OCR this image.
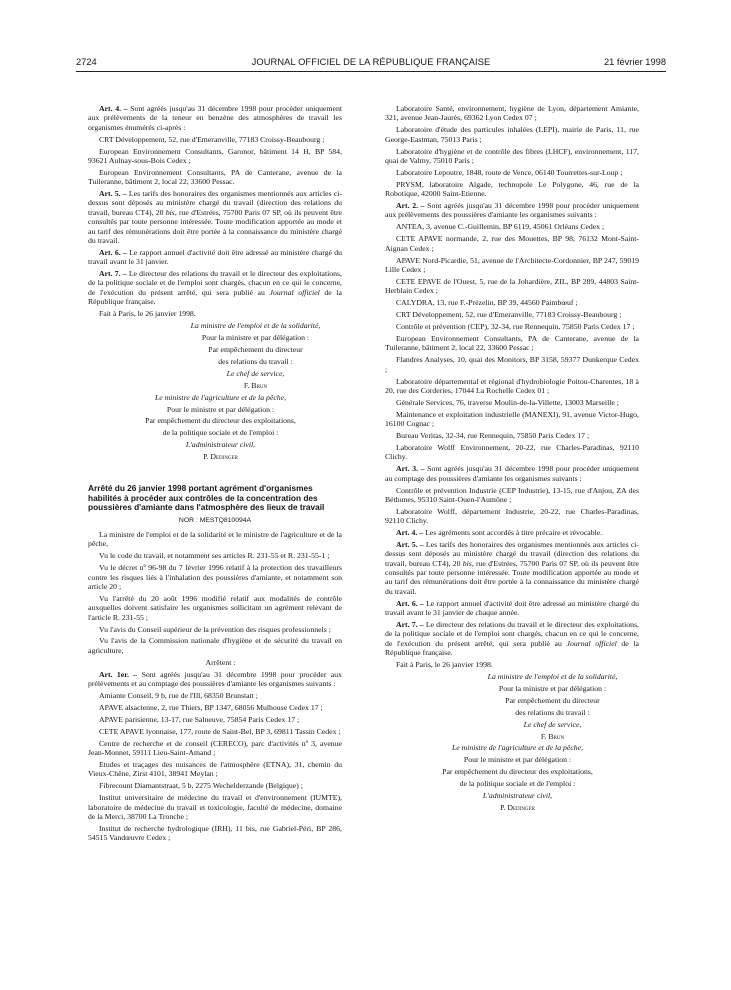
2724	JOURNAL OFFICIEL DE LA RÉPUBLIQUE FRANÇAISE	21 février 1998

Art. 4. – Sont agréés jusqu'au 31 décembre 1998 pour procéder uniquement aux prélèvements de la teneur en benzène des atmosphères de travail les organismes énumérés ci-après :

CRT Développement, 52, rue d'Emeranville, 77183 Croissy-Beaubourg ;

European Environnement Consultants, Garonor, bâtiment 14 H, BP 584, 93621 Aulnay-sous-Bois Cedex ;

European Environnement Consultants, PA de Canterane, avenue de la Tuileranne, bâtiment 2, local 22, 33600 Pessac.

Art. 5. – Les tarifs des honoraires des organismes mentionnés aux articles ci-dessus sont déposés au ministère chargé du travail (direction des relations du travail, bureau CT4), 20 bis, rue d'Estrées, 75700 Paris 07 SP, où ils peuvent être consultés par toute personne intéressée. Toute modification apportée au mode et au tarif des rémunérations doit être portée à la connaissance du ministère chargé du travail.

Art. 6. – Le rapport annuel d'activité doit être adressé au ministère chargé du travail avant le 31 janvier.

Art. 7. – Le directeur des relations du travail et le directeur des exploitations, de la politique sociale et de l'emploi sont chargés, chacun en ce qui le concerne, de l'exécution du présent arrêté, qui sera publié au Journal officiel de la République française.

Fait à Paris, le 26 janvier 1998.

La ministre de l'emploi et de la solidarité,

Pour la ministre et par délégation :

Par empêchement du directeur

des relations du travail :

Le chef de service,

F. Brun

Le ministre de l'agriculture et de la pêche,

Pour le ministre et par délégation :

Par empêchement du directeur des exploitations,

de la politique sociale et de l'emploi :

L'administrateur civil,

P. Dedinger

Arrêté du 26 janvier 1998 portant agrément d'organismes habilités à procéder aux contrôles de la concentration des poussières d'amiante dans l'atmosphère des lieux de travail
NOR : MESTQ810094A

La ministre de l'emploi et de la solidarité et le ministre de l'agriculture et de la pêche,

Vu le code du travail, et notamment ses articles R. 231-55 et R. 231-55-1 ;

Vu le décret nº 96-98 du 7 février 1996 relatif à la protection des travailleurs contre les risques liés à l'inhalation des poussières d'amiante, et notamment son article 20 ;

Vu l'arrêté du 20 août 1996 modifié relatif aux modalités de contrôle auxquelles doivent satisfaire les organismes sollicitant un agrément relevant de l'article R. 231-55 ;

Vu l'avis du Conseil supérieur de la prévention des risques professionnels ;

Vu l'avis de la Commission nationale d'hygiène et de sécurité du travail en agriculture,

Arrêtent :

Art. 1er. – Sont agréés jusqu'au 31 décembre 1998 pour procéder aux prélèvements et au comptage des poussières d'amiante les organismes suivants :

Amiante Conseil, 9 b, rue de l'Ill, 68350 Brunstatt ;

APAVE alsacienne, 2, rue Thiers, BP 1347, 68056 Mulhouse Cedex 17 ;

APAVE parisienne, 13-17, rue Salneuve, 75854 Paris Cedex 17 ;

CETE APAVE lyonnaise, 177, route de Saint-Bel, BP 3, 69811 Tassin Cedex ;

Centre de recherche et de conseil (CERECO), parc d'activités nº 3, avenue Jean-Monnet, 59111 Lieu-Saint-Amand ;

Etudes et traçages des nuisances de l'atmosphère (ETNA), 31, chemin du Vieux-Chêne, Zirst 4101, 38941 Meylan ;

Fibrecount Diamantstraat, 5 b, 2275 Wechelderzande (Belgique) ;

Institut universitaire de médecine du travail et d'environnement (IUMTE), laboratoire de médecine du travail et toxicologie, faculté de médecine, domaine de la Merci, 38700 La Tronche ;

Institut de recherche hydrologique (IRH), 11 bis, rue Gabriel-Péri, BP 286, 54515 Vandœuvre Cedex ;

Laboratoire Santé, environnement, hygiène de Lyon, département Amiante, 321, avenue Jean-Jaurès, 69362 Lyon Cedex 07 ;

Laboratoire d'étude des particules inhalées (LEPI), mairie de Paris, 11, rue George-Eastman, 75013 Paris ;

Laboratoire d'hygiène et de contrôle des fibres (LHCF), environnement, 117, quai de Valmy, 75010 Paris ;

Laboratoire Lepoutre, 1848, route de Vence, 06140 Tourrettes-sur-Loup ;

PRYSM, laboratoire Algade, technopole Le Polygone, 46, rue de la Robotique, 42000 Saint-Etienne.

Art. 2. – Sont agréés jusqu'au 31 décembre 1998 pour procéder uniquement aux prélèvements des poussières d'amiante les organismes suivants :

ANTEA, 3, avenue C.-Guillemin, BP 6119, 45061 Orléans Cedex ;

CETE APAVE normande, 2, rue des Mouettes, BP 98, 76132 Mont-Saint-Aignan Cedex ;

APAVE Nord-Picardie, 51, avenue de l'Architecte-Cordonnier, BP 247, 59019 Lille Cedex ;

CETE EPAVE de l'Ouest, 5, rue de la Johardière, ZIL, BP 289, 44803 Saint-Herblain Cedex ;

CALYDRA, 13, rue F.-Prézelin, BP 39, 44560 Paimbœuf ;

CRT Développement, 52, rue d'Emeranville, 77183 Croissy-Beaubourg ;

Contrôle et prévention (CEP), 32-34, rue Rennequin, 75850 Paris Cedex 17 ;

European Environnement Consultants, PA de Canterane, avenue de la Tuileranne, bâtiment 2, local 22, 33600 Pessac ;

Flandres Analyses, 10, quai des Monitors, BP 3158, 59377 Dunkerque Cedex ;

Laboratoire départemental et régional d'hydrobiologie Poitou-Charentes, 18 à 20, rue des Corderies, 17044 La Rochelle Cedex 01 ;

Générale Services, 76, traverse Moulin-de-la-Villette, 13003 Marseille ;

Maintenance et exploitation industrielle (MANEXI), 91, avenue Victor-Hugo, 16100 Cognac ;

Bureau Veritas, 32-34, rue Rennequin, 75850 Paris Cedex 17 ;

Laboratoire Wolff Environnement, 20-22, rue Charles-Paradinas, 92110 Clichy.

Art. 3. – Sont agréés jusqu'au 31 décembre 1998 pour procéder uniquement au comptage des poussières d'amiante les organismes suivants :

Contrôle et prévention Industrie (CEP Industrie), 13-15, rue d'Anjou, ZA des Béthunes, 95310 Saint-Ouen-l'Aumône ;

Laboratoire Wolff, département Industrie, 20-22, rue Charles-Paradinas, 92110 Clichy.

Art. 4. – Les agréments sont accordés à titre précaire et révocable.

Art. 5. – Les tarifs des honoraires des organismes mentionnés aux articles ci-dessus sont déposés au ministère chargé du travail (direction des relations du travail, bureau CT4), 20 bis, rue d'Estrées, 75700 Paris 07 SP, où ils peuvent être consultés par toute personne intéressée. Toute modification apportée au mode et au tarif des rémunérations doit être portée à la connaissance du ministère chargé du travail.

Art. 6. – Le rapport annuel d'activité doit être adressé au ministère chargé du travail avant le 31 janvier de chaque année.

Art. 7. – Le directeur des relations du travail et le directeur des exploitations, de la politique sociale et de l'emploi sont chargés, chacun en ce qui le concerne, de l'exécution du présent arrêté, qui sera publié au Journal officiel de la République française.

Fait à Paris, le 26 janvier 1998.

La ministre de l'emploi et de la solidarité,

Pour la ministre et par délégation :

Par empêchement du directeur

des relations du travail :

Le chef de service,

F. Brun

Le ministre de l'agriculture et de la pêche,

Pour le ministre et par délégation :

Par empêchement du directeur des exploitations,

de la politique sociale et de l'emploi :

L'administrateur civil,

P. Dedinger
